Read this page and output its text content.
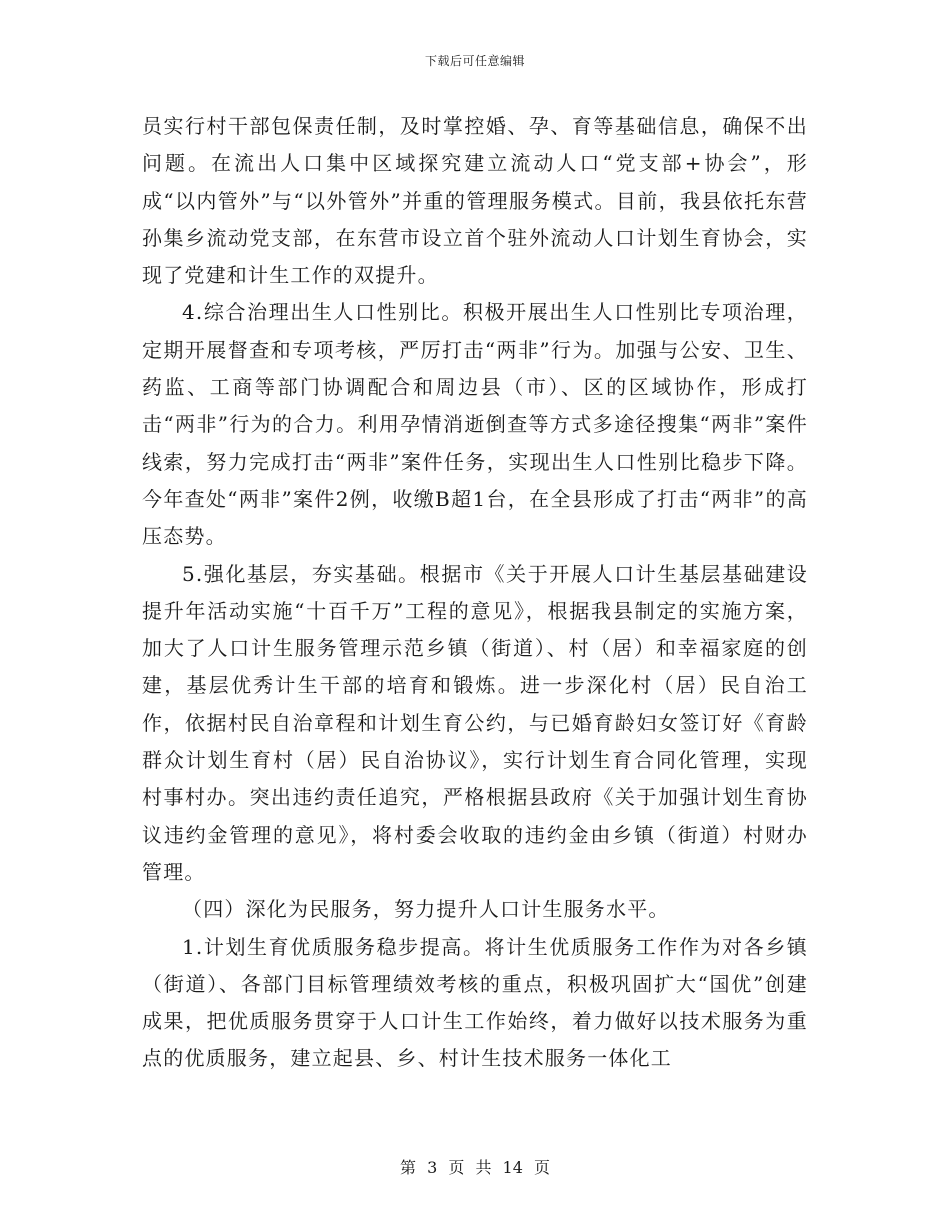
下载后可任意编辑

员实行村干部包保责任制，及时掌控婚、孕、育等基础信息，确保不出问题。在流出人口集中区域探究建立流动人口“党支部+协会”，形成“以内管外”与“以外管外”并重的管理服务模式。目前，我县依托东营孙集乡流动党支部，在东营市设立首个驻外流动人口计划生育协会，实现了党建和计生工作的双提升。

4.综合治理出生人口性别比。积极开展出生人口性别比专项治理，定期开展督查和专项考核，严厉打击“两非”行为。加强与公安、卫生、药监、工商等部门协调配合和周边县（市）、区的区域协作，形成打击“两非”行为的合力。利用孕情消逝倒查等方式多途径搜集“两非”案件线索，努力完成打击“两非”案件任务，实现出生人口性别比稳步下降。今年查处“两非”案件2例，收缴B超1台，在全县形成了打击“两非”的高压态势。

5.强化基层，夯实基础。根据市《关于开展人口计生基层基础建设提升年活动实施“十百千万”工程的意见》，根据我县制定的实施方案，加大了人口计生服务管理示范乡镇（街道）、村（居）和幸福家庭的创建，基层优秀计生干部的培育和锻炼。进一步深化村（居）民自治工作，依据村民自治章程和计划生育公约，与已婚育龄妇女签订好《育龄群众计划生育村（居）民自治协议》，实行计划生育合同化管理，实现村事村办。突出违约责任追究，严格根据县政府《关于加强计划生育协议违约金管理的意见》，将村委会收取的违约金由乡镇（街道）村财办管理。

（四）深化为民服务，努力提升人口计生服务水平。

1.计划生育优质服务稳步提高。将计生优质服务工作作为对各乡镇（街道）、各部门目标管理绩效考核的重点，积极巩固扩大“国优”创建成果，把优质服务贯穿于人口计生工作始终，着力做好以技术服务为重点的优质服务，建立起县、乡、村计生技术服务一体化工

第 3 页 共 14 页
